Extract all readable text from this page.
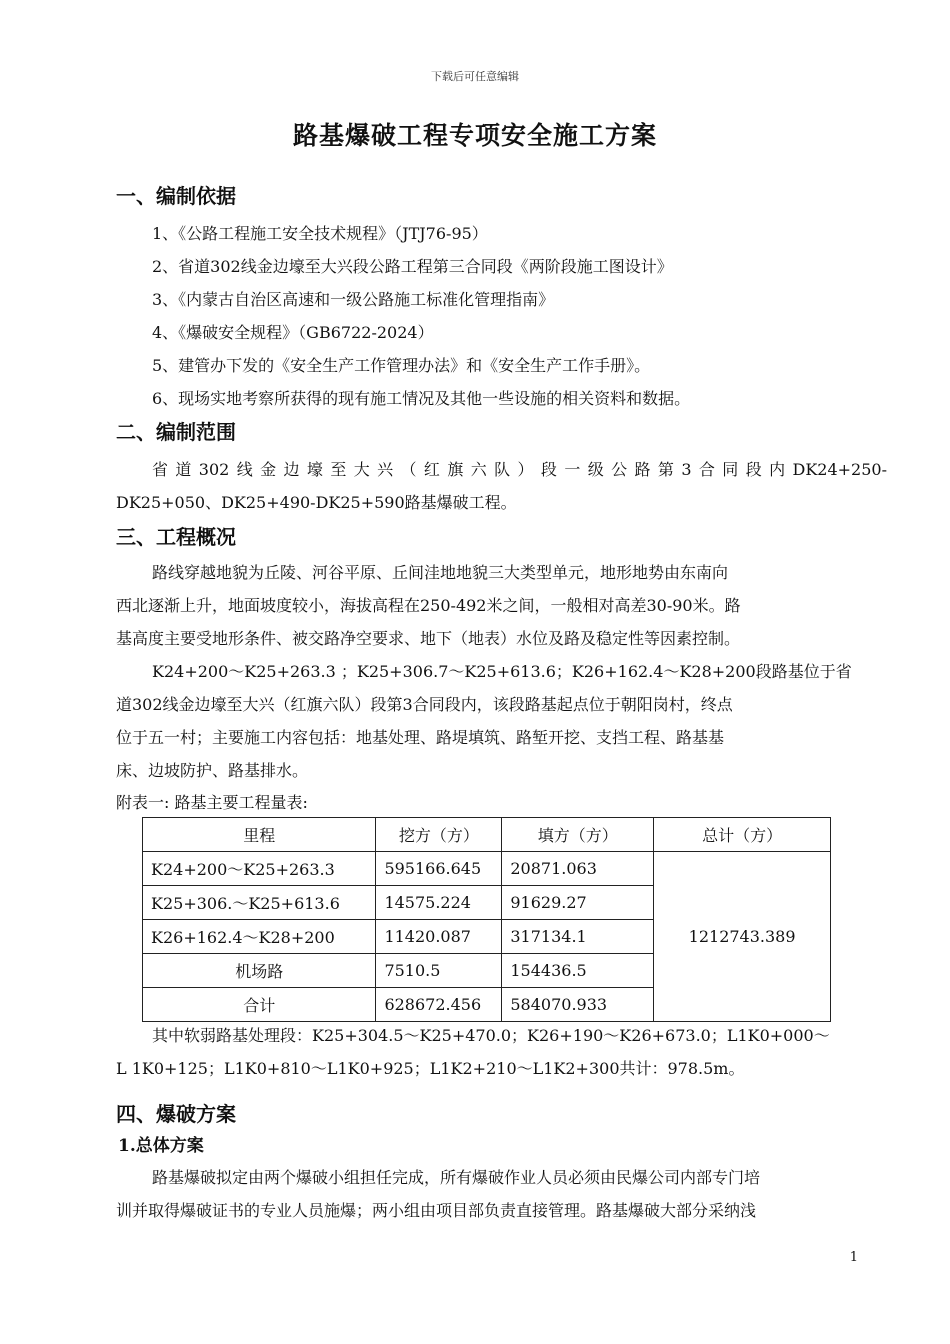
下载后可任意编辑
路基爆破工程专项安全施工方案
一、编制依据
1、《公路工程施工安全技术规程》（JTJ76-95）
2、省道302线金边壕至大兴段公路工程第三合同段《两阶段施工图设计》
3、《内蒙古自治区高速和一级公路施工标准化管理指南》
4、《爆破安全规程》（GB6722-2024）
5、建管办下发的《安全生产工作管理办法》和《安全生产工作手册》。
6、现场实地考察所获得的现有施工情况及其他一些设施的相关资料和数据。
二、编制范围
省道302线金边壕至大兴（红旗六队）段一级公路第3合同段内DK24+250-
DK25+050、DK25+490-DK25+590路基爆破工程。
三、工程概况
路线穿越地貌为丘陵、河谷平原、丘间洼地地貌三大类型单元，地形地势由东南向
西北逐渐上升，地面坡度较小，海拔高程在250-492米之间，一般相对高差30-90米。路
基高度主要受地形条件、被交路净空要求、地下（地表）水位及路及稳定性等因素控制。
K24+200～K25+263.3 ；K25+306.7～K25+613.6；K26+162.4～K28+200段路基位于省
道302线金边壕至大兴（红旗六队）段第3合同段内，该段路基起点位于朝阳岗村，终点
位于五一村；主要施工内容包括：地基处理、路堤填筑、路堑开挖、支挡工程、路基基
床、边坡防护、路基排水。
附表一: 路基主要工程量表:
里程	挖方（方）	填方（方）	总计（方）
K24+200～K25+263.3	595166.645	20871.063	1212743.389
K25+306.～K25+613.6	14575.224	91629.27	
K26+162.4～K28+200	11420.087	317134.1	
机场路	7510.5	154436.5	
合计	628672.456	584070.933	
其中软弱路基处理段：K25+304.5～K25+470.0；K26+190～K26+673.0；L1K0+000～
L 1K0+125；L1K0+810～L1K0+925；L1K2+210～L1K2+300共计：978.5m。
四、爆破方案
1.总体方案
路基爆破拟定由两个爆破小组担任完成，所有爆破作业人员必须由民爆公司内部专门培
训并取得爆破证书的专业人员施爆；两小组由项目部负责直接管理。路基爆破大部分采纳浅
1
